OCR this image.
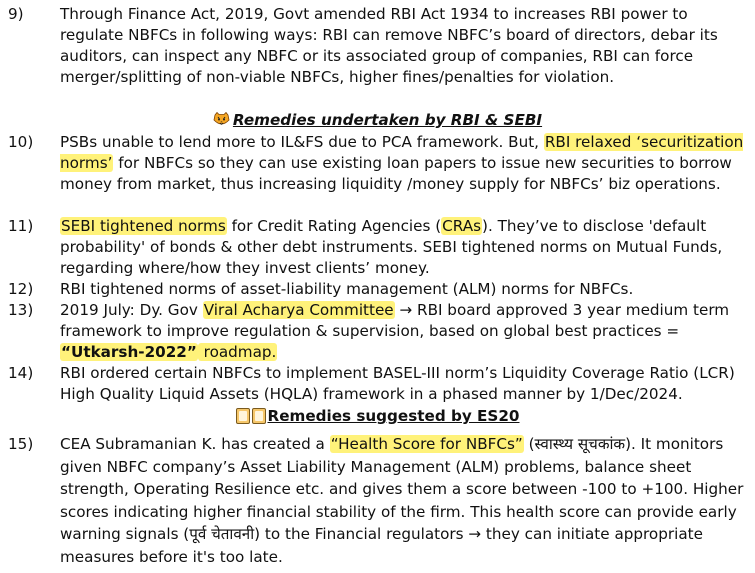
9) Through Finance Act, 2019, Govt amended RBI Act 1934 to increases RBI power to regulate NBFCs in following ways: RBI can remove NBFC’s board of directors, debar its auditors, can inspect any NBFC or its associated group of companies, RBI can force merger/splitting of non-viable NBFCs, higher fines/penalties for violation.
Remedies undertaken by RBI & SEBI
10) PSBs unable to lend more to IL&FS due to PCA framework. But, RBI relaxed ‘securitization norms’ for NBFCs so they can use existing loan papers to issue new securities to borrow money from market, thus increasing liquidity /money supply for NBFCs’ biz operations.
11) SEBI tightened norms for Credit Rating Agencies (CRAs). They’ve to disclose 'default probability' of bonds & other debt instruments. SEBI tightened norms on Mutual Funds, regarding where/how they invest clients’ money.
12) RBI tightened norms of asset-liability management (ALM) norms for NBFCs.
13) 2019 July: Dy. Gov Viral Acharya Committee → RBI board approved 3 year medium term framework to improve regulation & supervision, based on global best practices = “Utkarsh-2022” roadmap.
14) RBI ordered certain NBFCs to implement BASEL-III norm’s Liquidity Coverage Ratio (LCR) High Quality Liquid Assets (HQLA) framework in a phased manner by 1/Dec/2024.
Remedies suggested by ES20
15) CEA Subramanian K. has created a “Health Score for NBFCs” (स्वास्थ्य सूचकांक). It monitors given NBFC company’s Asset Liability Management (ALM) problems, balance sheet strength, Operating Resilience etc. and gives them a score between -100 to +100. Higher scores indicating higher financial stability of the firm. This health score can provide early warning signals (पूर्व चेतावनी) to the Financial regulators → they can initiate appropriate measures before it's too late.
